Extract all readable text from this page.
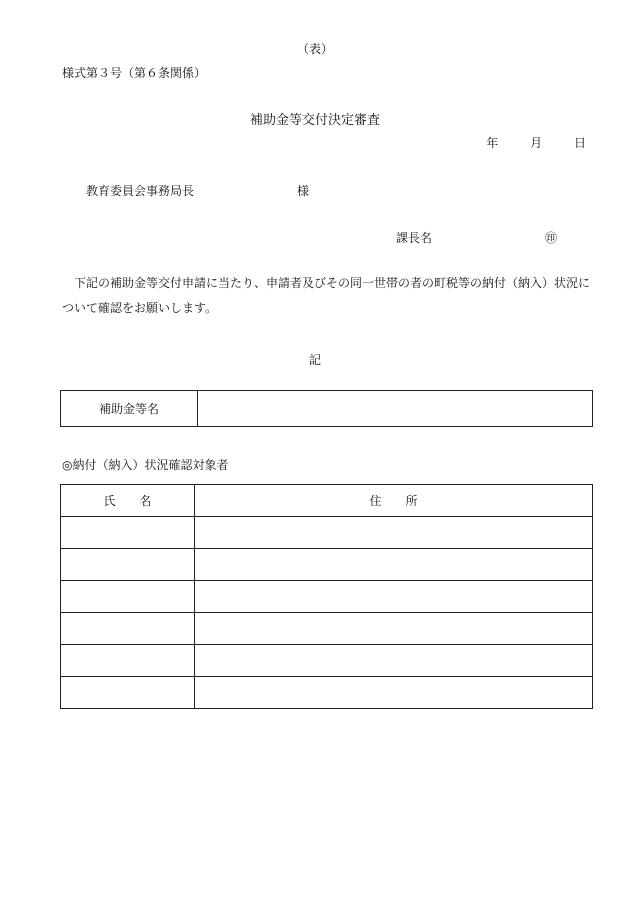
（表）
様式第３号（第６条関係）
補助金等交付決定審査
年	月	日
教育委員会事務局長	様
課長名	㊞
下記の補助金等交付申請に当たり、申請者及びその同一世帯の者の町税等の納付（納入）状況について確認をお願いします。
記
補助金等名	
◎納付（納入）状況確認対象者
氏 名	住 所
